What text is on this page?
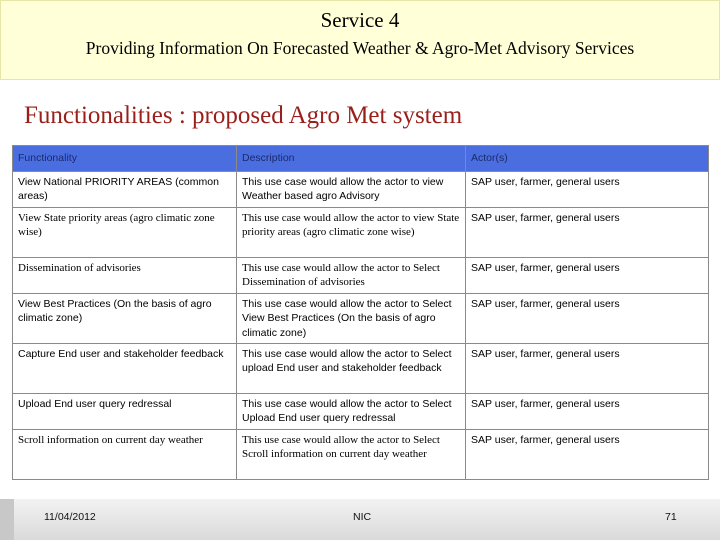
Service 4
Providing Information On Forecasted Weather & Agro-Met Advisory Services
Functionalities : proposed Agro Met system
Functionality	Description	Actor(s)
View National PRIORITY AREAS (common areas)	This use case would allow the actor to view Weather based agro Advisory	SAP user, farmer, general users
View State priority areas (agro climatic zone wise)	This use case would allow the actor to view State priority areas (agro climatic zone wise)	SAP user, farmer, general users
Dissemination of advisories	This use case would allow the actor to Select Dissemination of advisories	SAP user, farmer, general users
View Best Practices (On the basis of agro climatic zone)	This use case would allow the actor to Select View Best Practices (On the basis of agro climatic zone)	SAP user, farmer, general users
Capture End user and stakeholder feedback	This use case would allow the actor to Select upload End user and stakeholder feedback	SAP user, farmer, general users
Upload End user query redressal	This use case would allow the actor to Select Upload End user query redressal	SAP user, farmer, general users
Scroll information on current day weather	This use case would allow the actor to Select Scroll information on current day weather	SAP user, farmer, general users
11/04/2012	NIC	71
